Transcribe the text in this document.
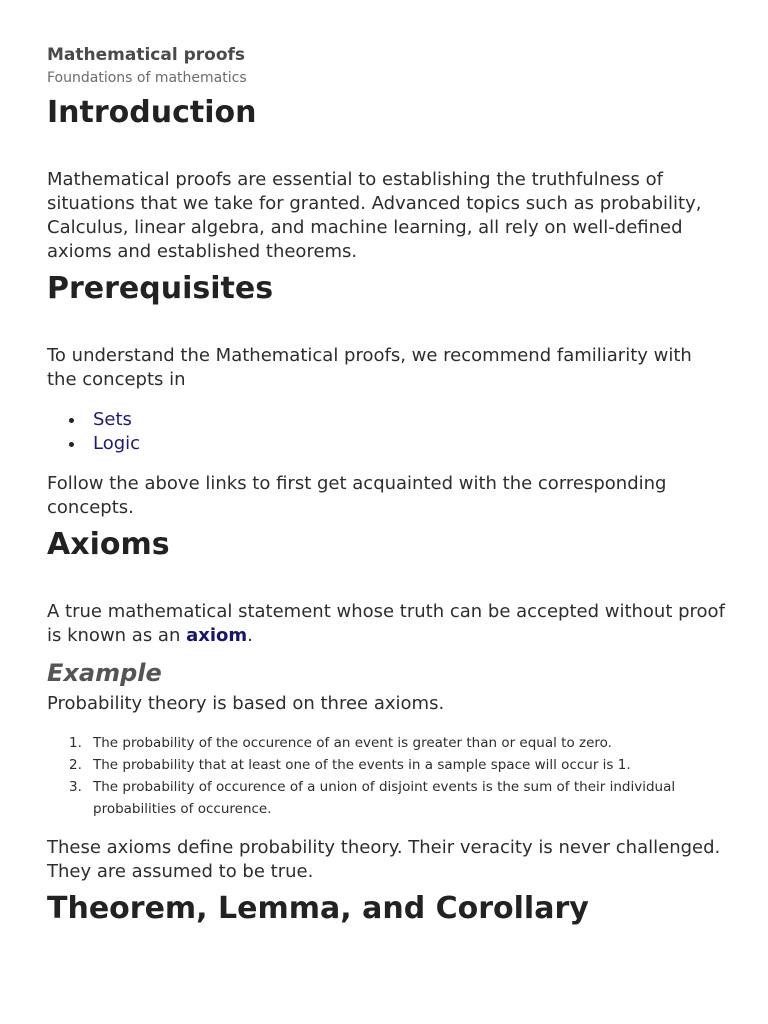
Mathematical proofs
Foundations of mathematics
Introduction

Mathematical proofs are essential to establishing the truthfulness of situations that we take for granted. Advanced topics such as probability, Calculus, linear algebra, and machine learning, all rely on well-defined axioms and established theorems.

Prerequisites

To understand the Mathematical proofs, we recommend familiarity with the concepts in

Sets
Logic

Follow the above links to first get acquainted with the corresponding concepts.

Axioms

A true mathematical statement whose truth can be accepted without proof is known as an axiom.

Example

Probability theory is based on three axioms.

1. The probability of the occurence of an event is greater than or equal to zero.
2. The probability that at least one of the events in a sample space will occur is 1.
3. The probability of occurence of a union of disjoint events is the sum of their individual probabilities of occurence.

These axioms define probability theory. Their veracity is never challenged. They are assumed to be true.

Theorem, Lemma, and Corollary
